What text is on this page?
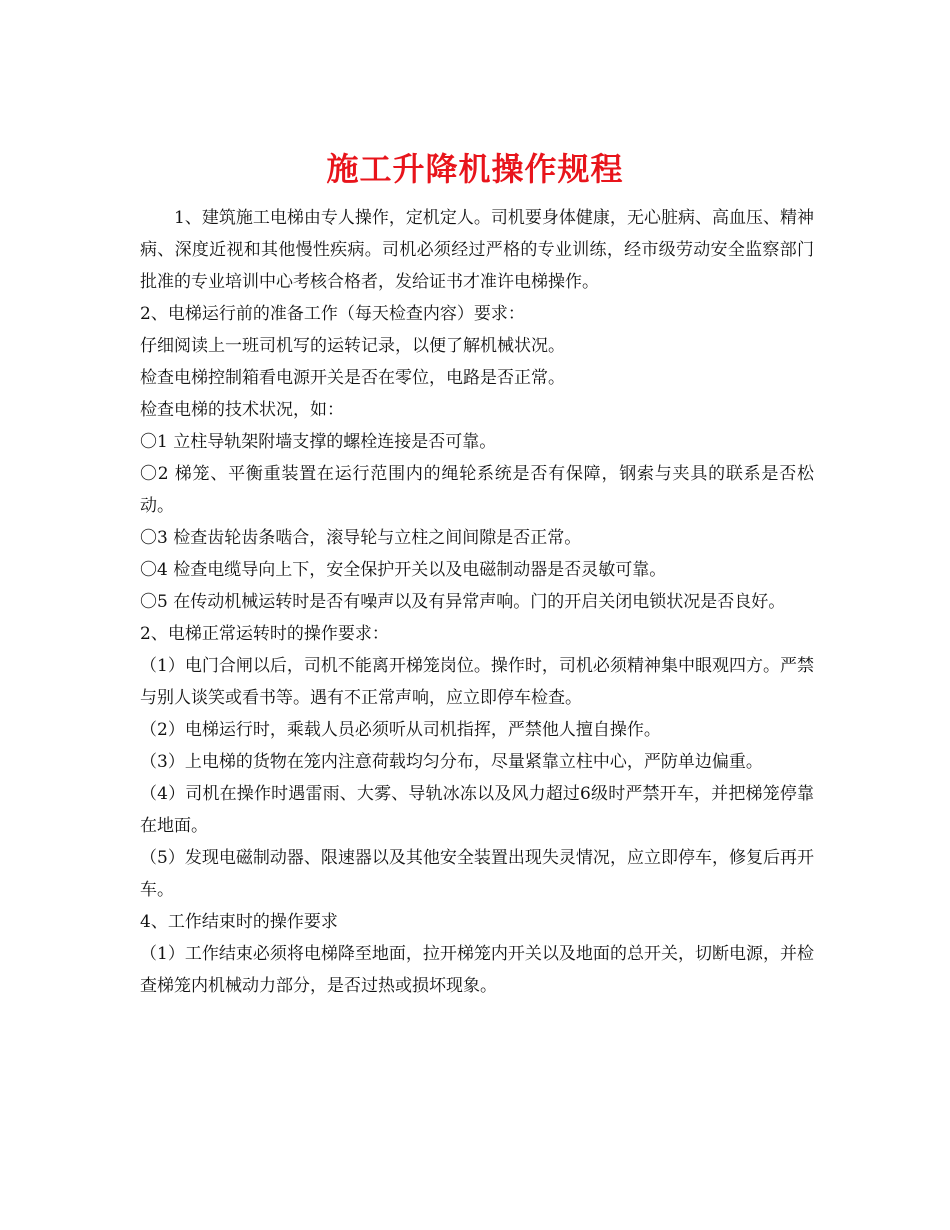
施工升降机操作规程

1、建筑施工电梯由专人操作，定机定人。司机要身体健康，无心脏病、高血压、精神病、深度近视和其他慢性疾病。司机必须经过严格的专业训练，经市级劳动安全监察部门批准的专业培训中心考核合格者，发给证书才准许电梯操作。

2、电梯运行前的准备工作（每天检查内容）要求：

仔细阅读上一班司机写的运转记录，以便了解机械状况。

检查电梯控制箱看电源开关是否在零位，电路是否正常。

检查电梯的技术状况，如：

〇1 立柱导轨架附墙支撑的螺栓连接是否可靠。

〇2 梯笼、平衡重装置在运行范围内的绳轮系统是否有保障，钢索与夹具的联系是否松动。

〇3 检查齿轮齿条啮合，滚导轮与立柱之间间隙是否正常。

〇4 检查电缆导向上下，安全保护开关以及电磁制动器是否灵敏可靠。

〇5 在传动机械运转时是否有噪声以及有异常声响。门的开启关闭电锁状况是否良好。

2、电梯正常运转时的操作要求：

（1）电门合闸以后，司机不能离开梯笼岗位。操作时，司机必须精神集中眼观四方。严禁与别人谈笑或看书等。遇有不正常声响，应立即停车检查。

（2）电梯运行时，乘载人员必须听从司机指挥，严禁他人擅自操作。

（3）上电梯的货物在笼内注意荷载均匀分布，尽量紧靠立柱中心，严防单边偏重。

（4）司机在操作时遇雷雨、大雾、导轨冰冻以及风力超过6级时严禁开车，并把梯笼停靠在地面。

（5）发现电磁制动器、限速器以及其他安全装置出现失灵情况，应立即停车，修复后再开车。

4、工作结束时的操作要求

（1）工作结束必须将电梯降至地面，拉开梯笼内开关以及地面的总开关，切断电源，并检查梯笼内机械动力部分，是否过热或损坏现象。
